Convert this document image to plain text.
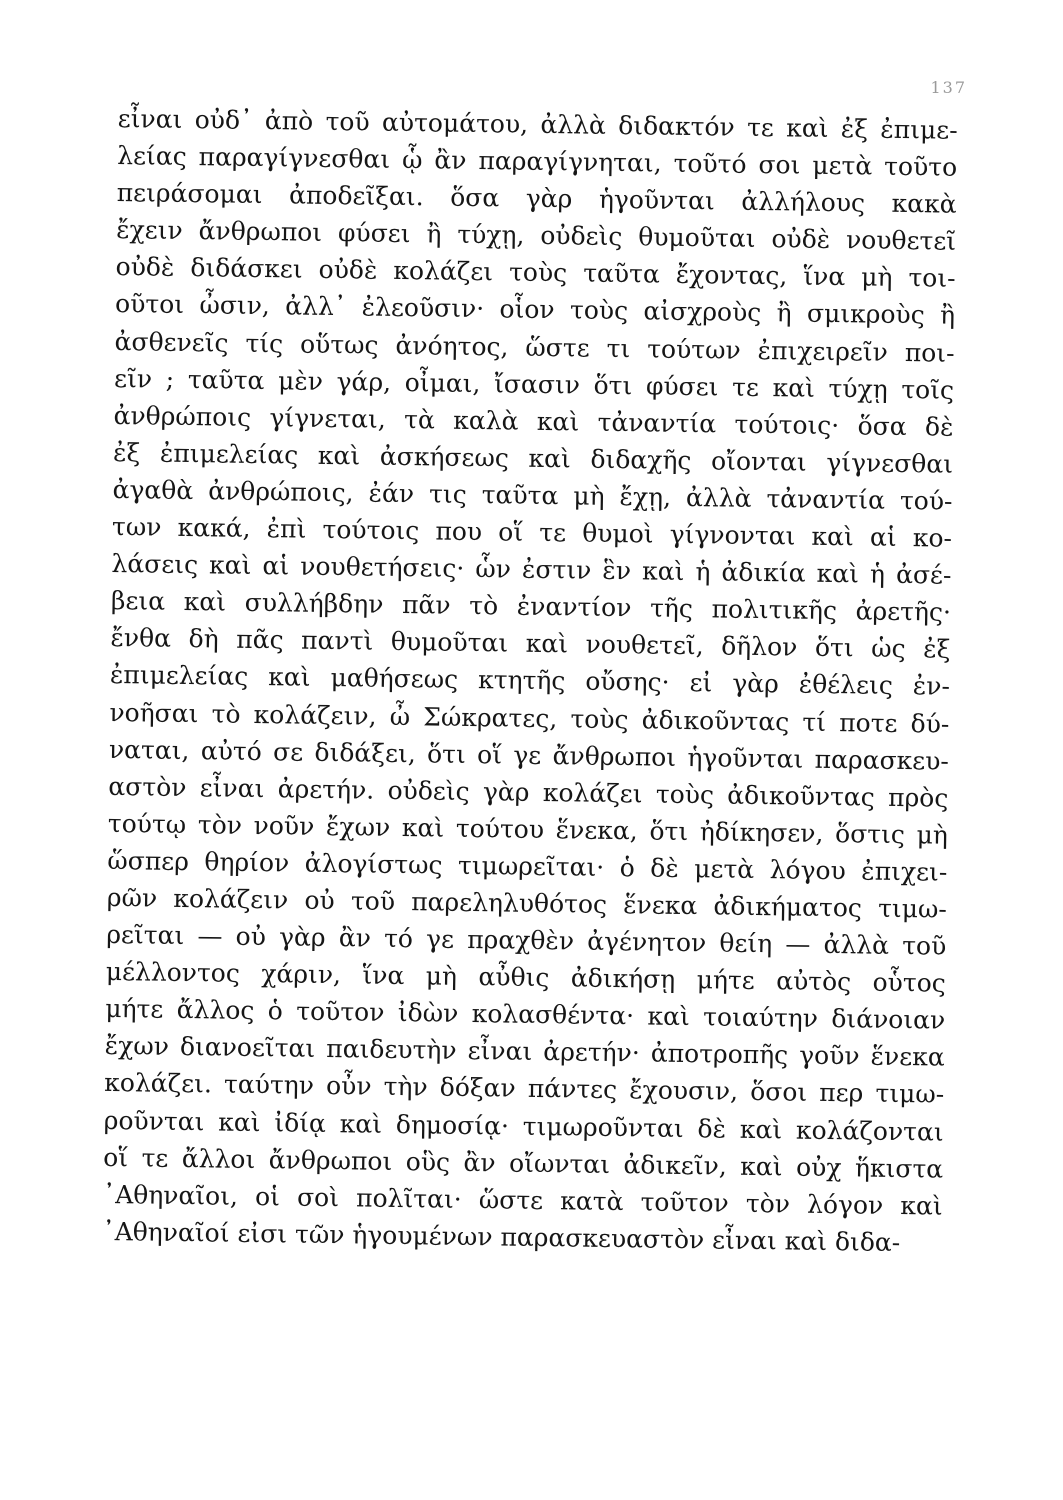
137
εἶναι οὐδ᾽ ἀπὸ τοῦ αὐτομάτου, ἀλλὰ διδακτόν τε καὶ ἐξ ἐπιμε-
λείας παραγίγνεσθαι ᾧ ἂν παραγίγνηται, τοῦτό σοι μετὰ τοῦτο
πειράσομαι ἀποδεῖξαι. ὅσα γὰρ ἡγοῦνται ἀλλήλους κακὰ
ἔχειν ἄνθρωποι φύσει ἢ τύχῃ, οὐδεὶς θυμοῦται οὐδὲ νουθετεῖ
οὐδὲ διδάσκει οὐδὲ κολάζει τοὺς ταῦτα ἔχοντας, ἵνα μὴ τοι-
οῦτοι ὦσιν, ἀλλ᾽ ἐλεοῦσιν· οἷον τοὺς αἰσχροὺς ἢ σμικροὺς ἢ
ἀσθενεῖς τίς οὕτως ἀνόητος, ὥστε τι τούτων ἐπιχειρεῖν ποι-
εῖν ; ταῦτα μὲν γάρ, οἶμαι, ἴσασιν ὅτι φύσει τε καὶ τύχῃ τοῖς
ἀνθρώποις γίγνεται, τὰ καλὰ καὶ τἀναντία τούτοις· ὅσα δὲ
ἐξ ἐπιμελείας καὶ ἀσκήσεως καὶ διδαχῆς οἴονται γίγνεσθαι
ἀγαθὰ ἀνθρώποις, ἐάν τις ταῦτα μὴ ἔχῃ, ἀλλὰ τἀναντία τού-
των κακά, ἐπὶ τούτοις που οἵ τε θυμοὶ γίγνονται καὶ αἱ κο-
λάσεις καὶ αἱ νουθετήσεις· ὧν ἐστιν ἓν καὶ ἡ ἀδικία καὶ ἡ ἀσέ-
βεια καὶ συλλήβδην πᾶν τὸ ἐναντίον τῆς πολιτικῆς ἀρετῆς·
ἔνθα δὴ πᾶς παντὶ θυμοῦται καὶ νουθετεῖ, δῆλον ὅτι ὡς ἐξ
ἐπιμελείας καὶ μαθήσεως κτητῆς οὔσης· εἰ γὰρ ἐθέλεις ἐν-
νοῆσαι τὸ κολάζειν, ὦ Σώκρατες, τοὺς ἀδικοῦντας τί ποτε δύ-
ναται, αὐτό σε διδάξει, ὅτι οἵ γε ἄνθρωποι ἡγοῦνται παρασκευ-
αστὸν εἶναι ἀρετήν. οὐδεὶς γὰρ κολάζει τοὺς ἀδικοῦντας πρὸς
τούτῳ τὸν νοῦν ἔχων καὶ τούτου ἕνεκα, ὅτι ἠδίκησεν, ὅστις μὴ
ὥσπερ θηρίον ἀλογίστως τιμωρεῖται· ὁ δὲ μετὰ λόγου ἐπιχει-
ρῶν κολάζειν οὐ τοῦ παρεληλυθότος ἕνεκα ἀδικήματος τιμω-
ρεῖται — οὐ γὰρ ἂν τό γε πραχθὲν ἀγένητον θείη — ἀλλὰ τοῦ
μέλλοντος χάριν, ἵνα μὴ αὖθις ἀδικήσῃ μήτε αὐτὸς οὗτος
μήτε ἄλλος ὁ τοῦτον ἰδὼν κολασθέντα· καὶ τοιαύτην διάνοιαν
ἔχων διανοεῖται παιδευτὴν εἶναι ἀρετήν· ἀποτροπῆς γοῦν ἕνεκα
κολάζει. ταύτην οὖν τὴν δόξαν πάντες ἔχουσιν, ὅσοι περ τιμω-
ροῦνται καὶ ἰδίᾳ καὶ δημοσίᾳ· τιμωροῦνται δὲ καὶ κολάζονται
οἵ τε ἄλλοι ἄνθρωποι οὓς ἂν οἴωνται ἀδικεῖν, καὶ οὐχ ἥκιστα
᾽Αθηναῖοι, οἱ σοὶ πολῖται· ὥστε κατὰ τοῦτον τὸν λόγον καὶ
᾽Αθηναῖοί εἰσι τῶν ἡγουμένων παρασκευαστὸν εἶναι καὶ διδα-
